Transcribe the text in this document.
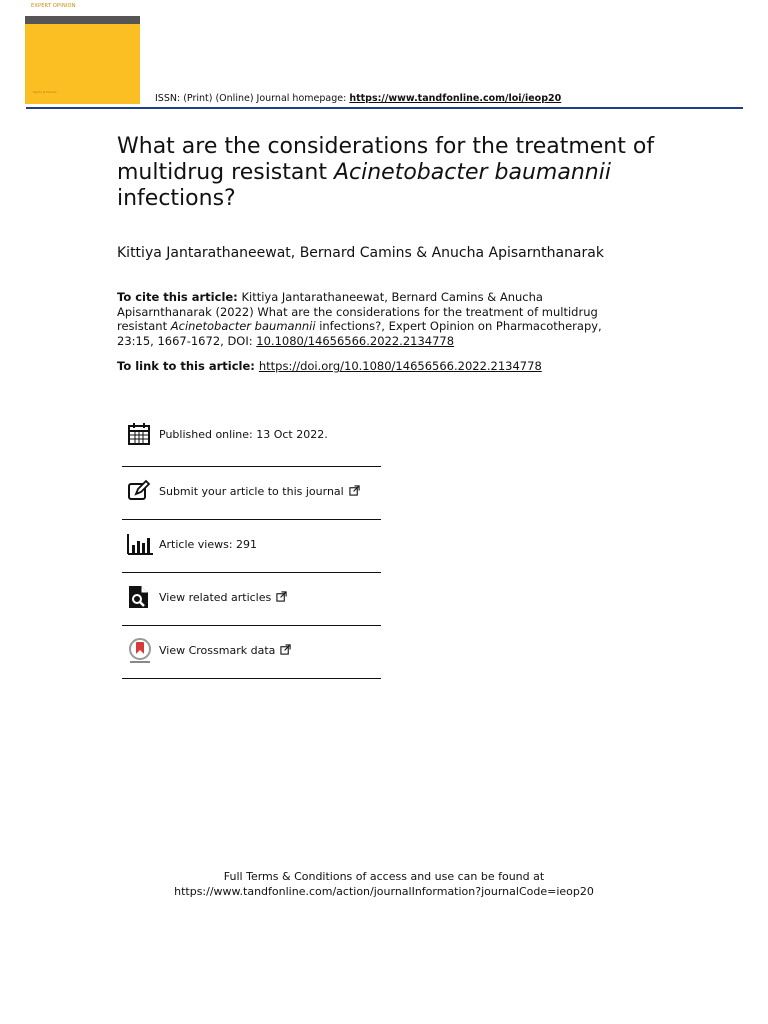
EXPERT OPINION
Taylor & Francis
ISSN: (Print) (Online) Journal homepage: https://www.tandfonline.com/loi/ieop20
What are the considerations for the treatment of multidrug resistant Acinetobacter baumannii infections?
Kittiya Jantarathaneewat, Bernard Camins & Anucha Apisarnthanarak
To cite this article: Kittiya Jantarathaneewat, Bernard Camins & Anucha Apisarnthanarak (2022) What are the considerations for the treatment of multidrug resistant Acinetobacter baumannii infections?, Expert Opinion on Pharmacotherapy, 23:15, 1667-1672, DOI: 10.1080/14656566.2022.2134778
To link to this article: https://doi.org/10.1080/14656566.2022.2134778
Published online: 13 Oct 2022.
Submit your article to this journal
Article views: 291
View related articles
View Crossmark data
Full Terms & Conditions of access and use can be found at
https://www.tandfonline.com/action/journalInformation?journalCode=ieop20
